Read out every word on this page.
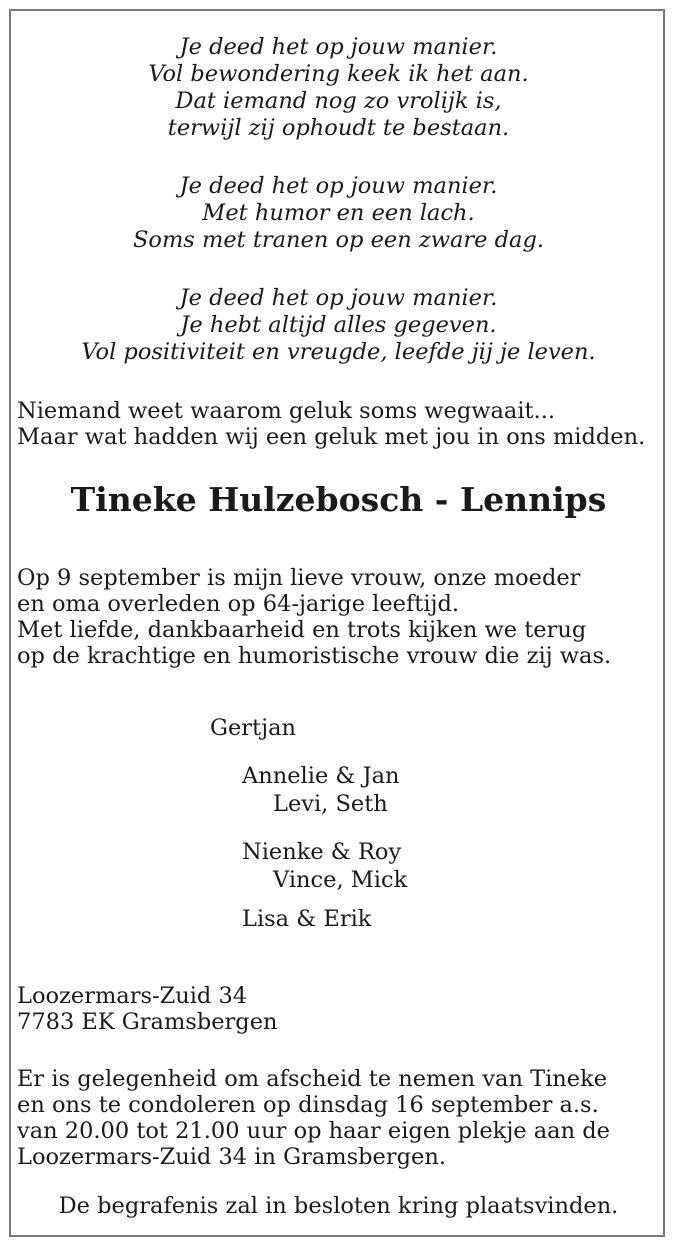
Je deed het op jouw manier.
Vol bewondering keek ik het aan.
Dat iemand nog zo vrolijk is,
terwijl zij ophoudt te bestaan.
Je deed het op jouw manier.
Met humor en een lach.
Soms met tranen op een zware dag.
Je deed het op jouw manier.
Je hebt altijd alles gegeven.
Vol positiviteit en vreugde, leefde jij je leven.
Niemand weet waarom geluk soms wegwaait...
Maar wat hadden wij een geluk met jou in ons midden.
Tineke Hulzebosch - Lennips
Op 9 september is mijn lieve vrouw, onze moeder
en oma overleden op 64-jarige leeftijd.
Met liefde, dankbaarheid en trots kijken we terug
op de krachtige en humoristische vrouw die zij was.
Gertjan
Annelie & Jan
Levi, Seth
Nienke & Roy
Vince, Mick
Lisa & Erik
Loozermars-Zuid 34
7783 EK Gramsbergen
Er is gelegenheid om afscheid te nemen van Tineke
en ons te condoleren op dinsdag 16 september a.s.
van 20.00 tot 21.00 uur op haar eigen plekje aan de
Loozermars-Zuid 34 in Gramsbergen.

De begrafenis zal in besloten kring plaatsvinden.
